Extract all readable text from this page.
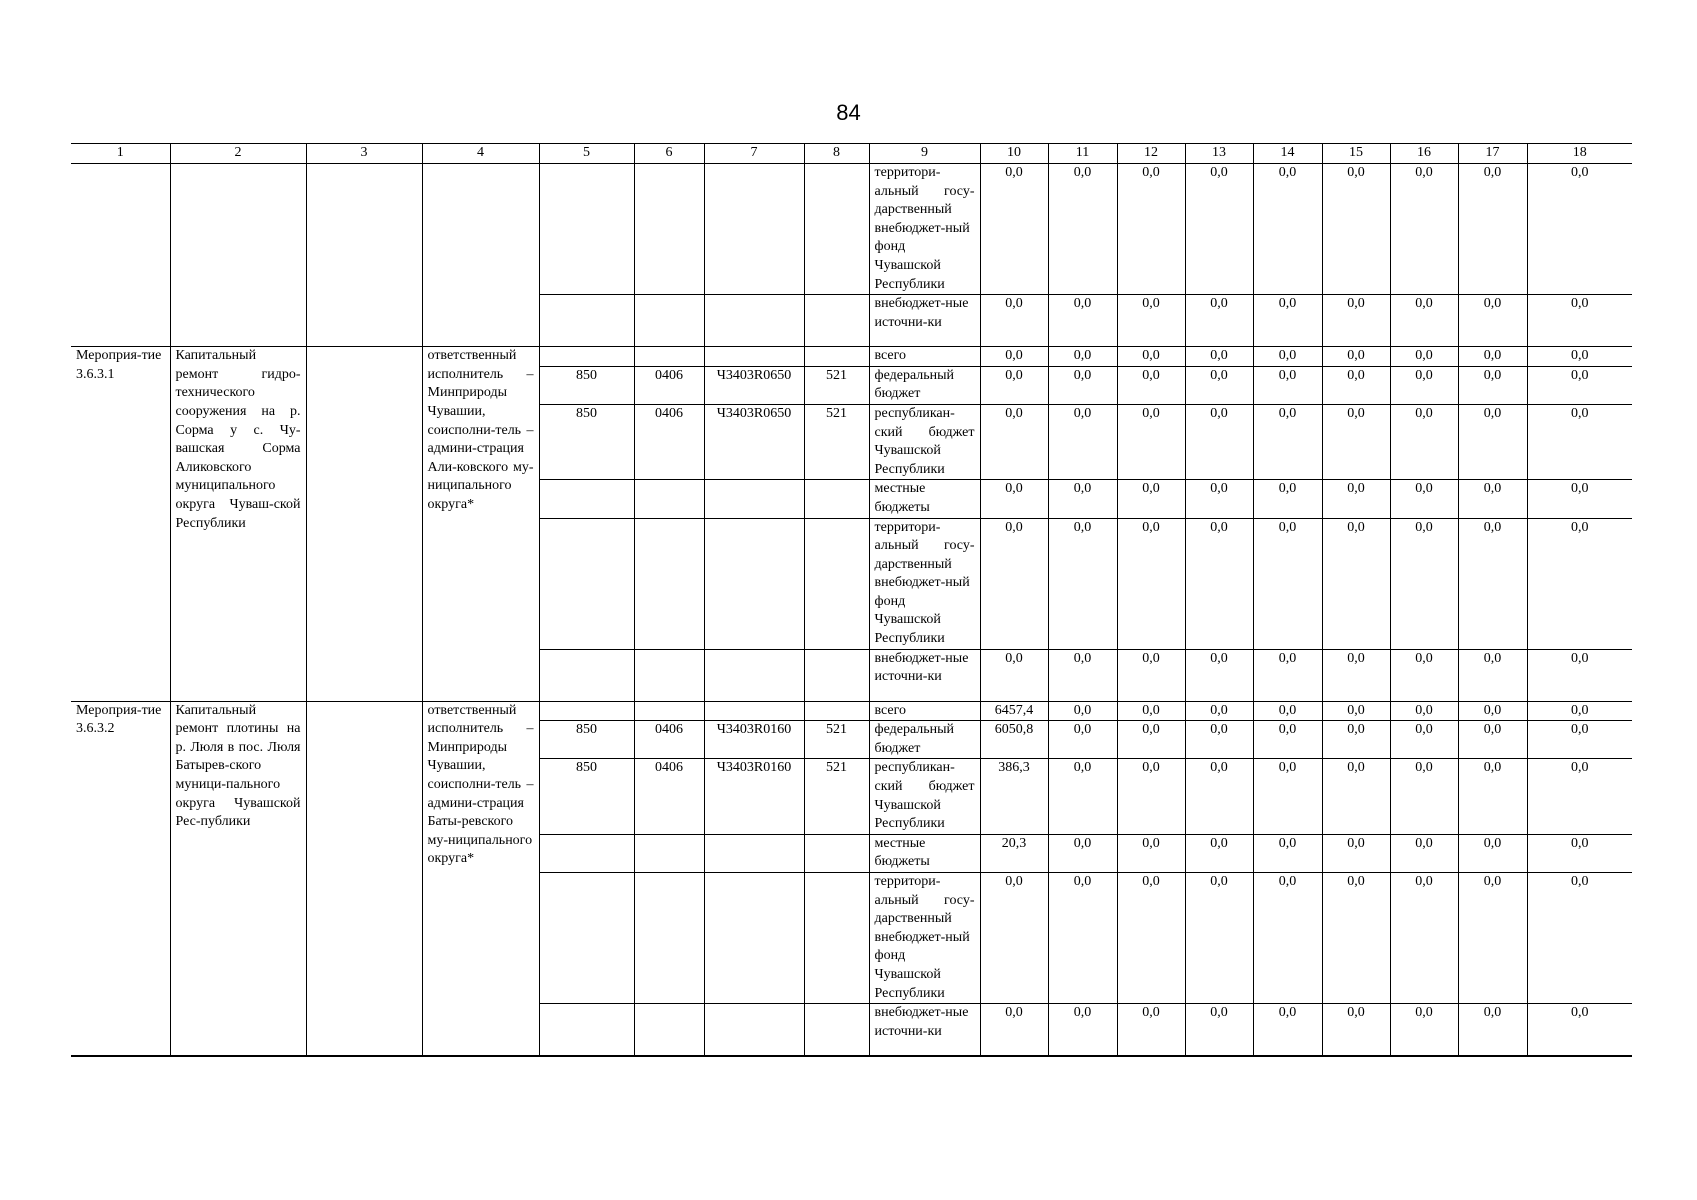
84
1	2	3	4	5	6	7	8	9	10	11	12	13	14	15	16	17	18
								территори-альный госу-дарственный внебюджет-ный фонд Чувашской Республики	0,0	0,0	0,0	0,0	0,0	0,0	0,0	0,0	0,0
								внебюджет-ные источни-ки	0,0	0,0	0,0	0,0	0,0	0,0	0,0	0,0	0,0
Мероприя-тие 3.6.3.1	Капитальный ремонт гидро-технического сооружения на р. Сорма у с. Чу-вашская Сорма Аликовского муниципального округа Чуваш-ской Республики		ответственный исполнитель – Минприроды Чувашии, соисполни-тель – админи-страция Али-ковского му-ниципального округа*					всего	0,0	0,0	0,0	0,0	0,0	0,0	0,0	0,0	0,0
				850	0406	Ч3403R0650	521	федеральный бюджет	0,0	0,0	0,0	0,0	0,0	0,0	0,0	0,0	0,0
				850	0406	Ч3403R0650	521	республикан-ский бюджет Чувашской Республики	0,0	0,0	0,0	0,0	0,0	0,0	0,0	0,0	0,0
								местные бюджеты	0,0	0,0	0,0	0,0	0,0	0,0	0,0	0,0	0,0
								территори-альный госу-дарственный внебюджет-ный фонд Чувашской Республики	0,0	0,0	0,0	0,0	0,0	0,0	0,0	0,0	0,0
								внебюджет-ные источни-ки	0,0	0,0	0,0	0,0	0,0	0,0	0,0	0,0	0,0
Мероприя-тие 3.6.3.2	Капитальный ремонт плотины на р. Люля в пос. Люля Батырев-ского муници-пального округа Чувашской Рес-публики		ответственный исполнитель – Минприроды Чувашии, соисполни-тель – админи-страция Баты-ревского му-ниципального округа*					всего	6457,4	0,0	0,0	0,0	0,0	0,0	0,0	0,0	0,0
				850	0406	Ч3403R0160	521	федеральный бюджет	6050,8	0,0	0,0	0,0	0,0	0,0	0,0	0,0	0,0
				850	0406	Ч3403R0160	521	республикан-ский бюджет Чувашской Республики	386,3	0,0	0,0	0,0	0,0	0,0	0,0	0,0	0,0
								местные бюджеты	20,3	0,0	0,0	0,0	0,0	0,0	0,0	0,0	0,0
								территори-альный госу-дарственный внебюджет-ный фонд Чувашской Республики	0,0	0,0	0,0	0,0	0,0	0,0	0,0	0,0	0,0
								внебюджет-ные источни-ки	0,0	0,0	0,0	0,0	0,0	0,0	0,0	0,0	0,0
